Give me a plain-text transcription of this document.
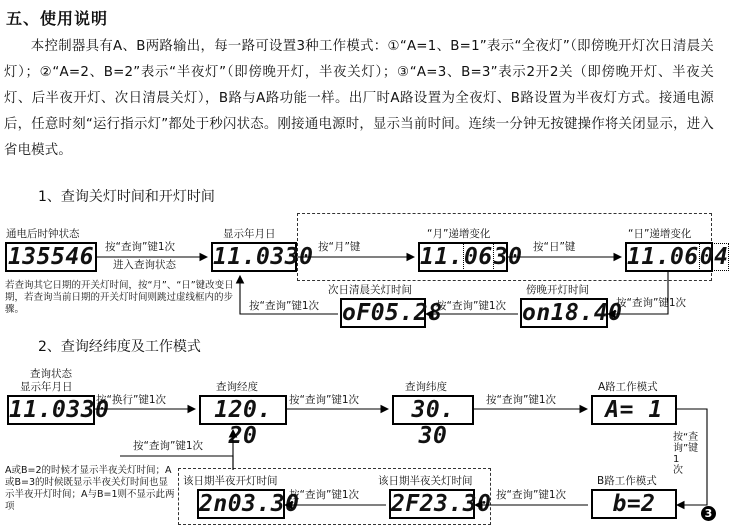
五、使用说明

本控制器具有A、B两路输出，每一路可设置3种工作模式：①“A=1、B=1”表示“全夜灯”（即傍晚开灯次日清晨关灯）；②“A=2、B=2”表示“半夜灯”（即傍晚开灯，半夜关灯）；③“A=3、B=3”表示2开2关（即傍晚开灯、半夜关灯、后半夜开灯、次日清晨关灯），B路与A路功能一样。出厂时A路设置为全夜灯、B路设置为半夜灯方式。接通电源后，任意时刻“运行指示灯”都处于秒闪状态。刚接通电源时，显示当前时间。连续一分钟无按键操作将关闭显示，进入省电模式。

1、查询关灯时间和开灯时间
通电后时钟状态
135546 按“查询”键1次
进入查询状态
显示年月日
11.0330 按“月”键
“月”递增变化
11.0630 按“日”键
“日”递增变化
11.0604
次日清晨关灯时间
oF05.28
按“查询”键1次
傍晚开灯时间
on18.40
按“查询”键1次
按“查询”键1次
若查询其它日期的开关灯时间，按“月”、“日”键改变日期，若查询当前日期的开关灯时间则跳过虚线框内的步骤。
2、查询经纬度及工作模式
查询状态
显示年月日
11.0330
按“换行”键1次
查询经度
120. 20
按“查询”键1次
查询纬度
30. 30
按“查询”键1次
A路工作模式
A= 1
按“查询”键1次
B路工作模式
b=2
按“查询”键1次
该日期半夜关灯时间
2F23.30
按“查询”键1次
该日期半夜开灯时间
2n03.30
按“查询”键1次
A或B=2的时候才显示半夜关灯时间；A或B=3的时候既显示半夜关灯时间也显示半夜开灯时间；A与B=1则不显示此两项
3
